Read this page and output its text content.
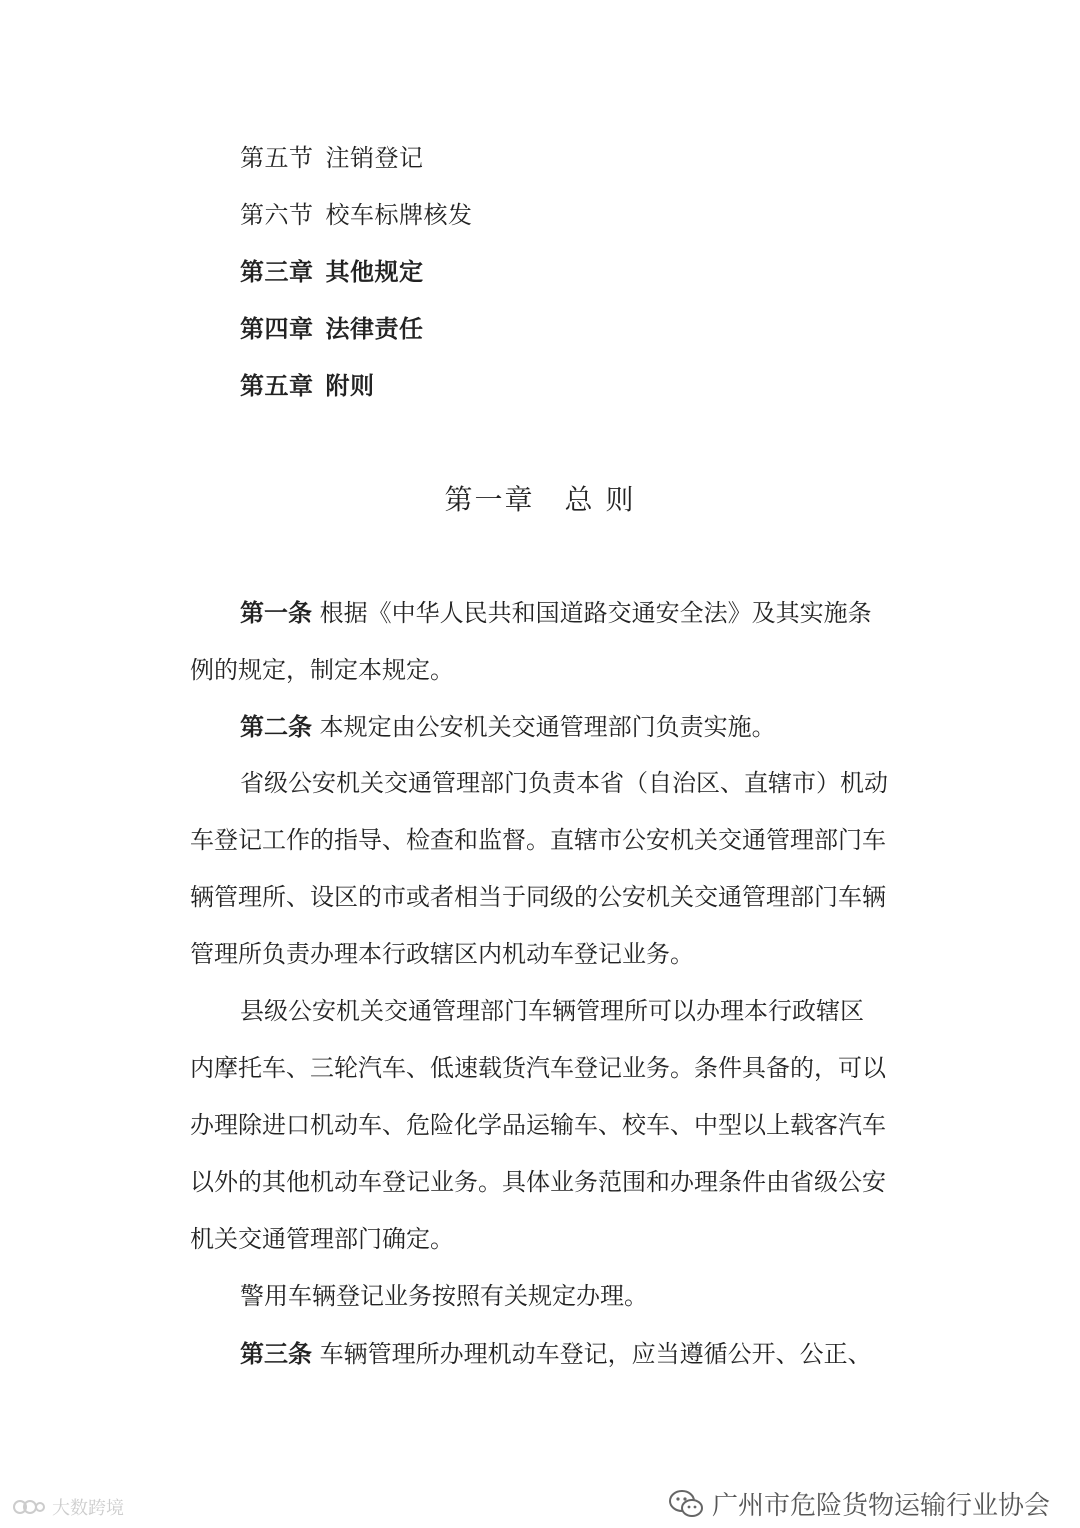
第五节 注销登记
第六节 校车标牌核发
第三章 其他规定
第四章 法律责任
第五章 附则
第一章 总 则
第一条 根据《中华人民共和国道路交通安全法》及其实施条
例的规定，制定本规定。
第二条 本规定由公安机关交通管理部门负责实施。
省级公安机关交通管理部门负责本省（自治区、直辖市）机动
车登记工作的指导、检查和监督。直辖市公安机关交通管理部门车
辆管理所、设区的市或者相当于同级的公安机关交通管理部门车辆
管理所负责办理本行政辖区内机动车登记业务。
县级公安机关交通管理部门车辆管理所可以办理本行政辖区
内摩托车、三轮汽车、低速载货汽车登记业务。条件具备的，可以
办理除进口机动车、危险化学品运输车、校车、中型以上载客汽车
以外的其他机动车登记业务。具体业务范围和办理条件由省级公安
机关交通管理部门确定。
警用车辆登记业务按照有关规定办理。
第三条 车辆管理所办理机动车登记，应当遵循公开、公正、
大数跨境	广州市危险货物运输行业协会
